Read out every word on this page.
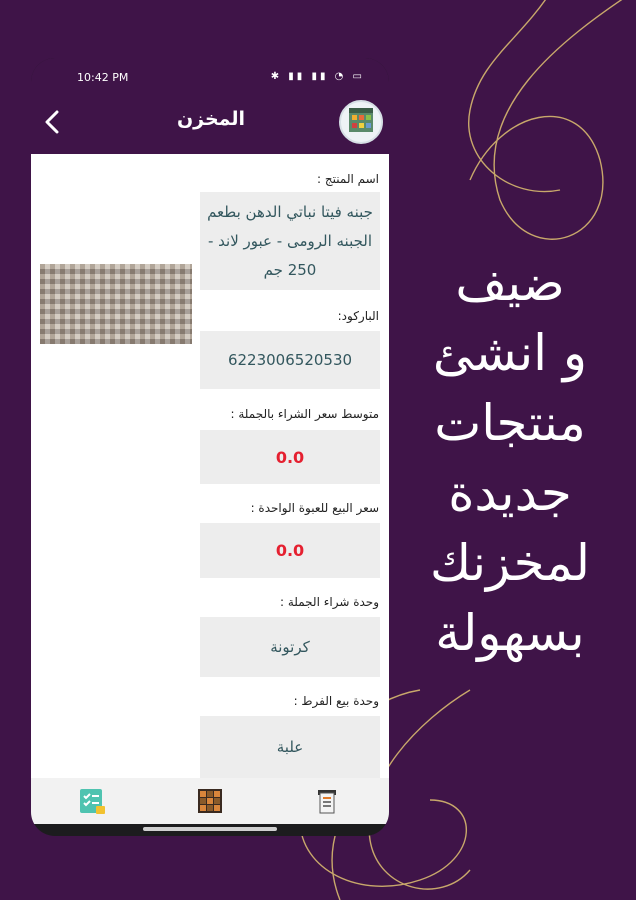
10:42 PM	✱ ▮▮ ▮▮ ◔ ▭
المخزن
اسم المنتج :
جبنه فيتا نباتي الدهن بطعم الجبنه الرومى - عبور لاند - 250 جم
الباركود:
6223006520530
متوسط سعر الشراء بالجملة :
0.0
سعر البيع للعبوة الواحدة :
0.0
وحدة شراء الجملة :
كرتونة
وحدة بيع الفرط :
علبة
ضيف
و انشئ
منتجات
جديدة
لمخزنك
بسهولة
